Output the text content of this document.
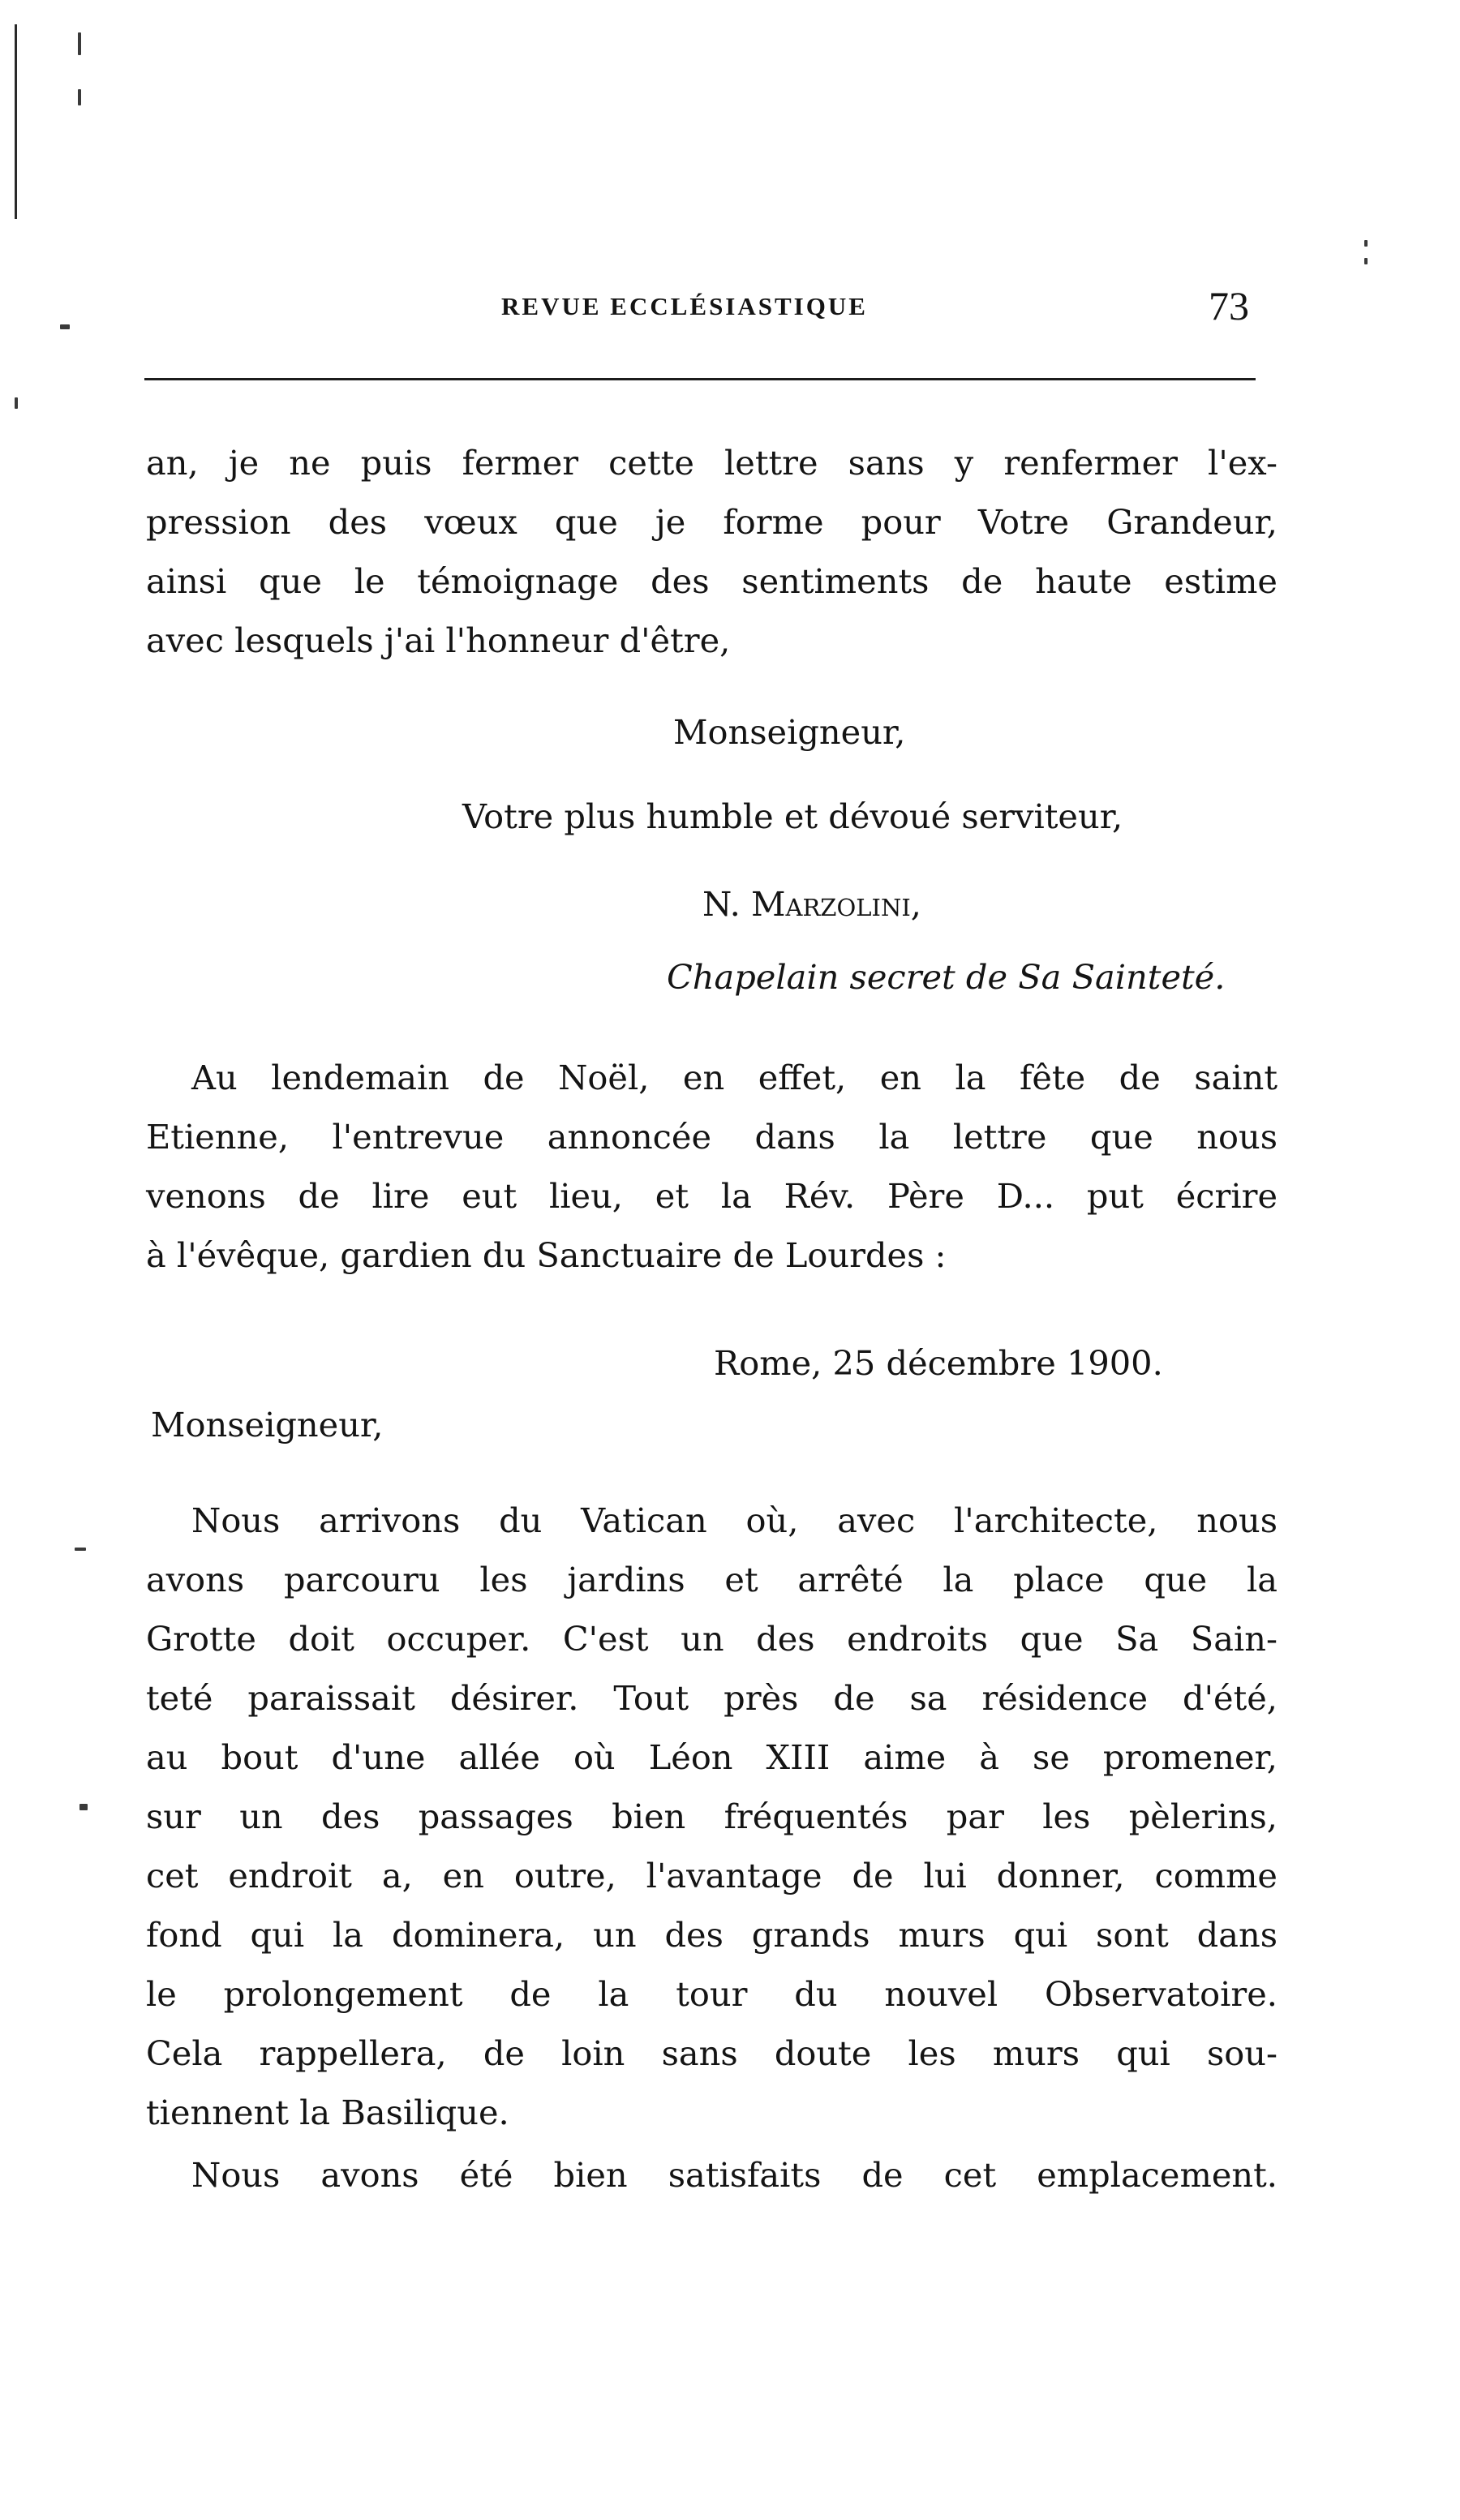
REVUE ECCLÉSIASTIQUE	73
an, je ne puis fermer cette lettre sans y renfermer l'ex-
pression des vœux que je forme pour Votre Grandeur,
ainsi que le témoignage des sentiments de haute estime
avec lesquels j'ai l'honneur d'être,
Monseigneur,
Votre plus humble et dévoué serviteur,
N. Marzolini,
Chapelain secret de Sa Sainteté.
Au lendemain de Noël, en effet, en la fête de saint
Etienne, l'entrevue annoncée dans la lettre que nous
venons de lire eut lieu, et la Rév. Père D... put écrire
à l'évêque, gardien du Sanctuaire de Lourdes :
Rome, 25 décembre 1900.
Monseigneur,
Nous arrivons du Vatican où, avec l'architecte, nous
avons parcouru les jardins et arrêté la place que la
Grotte doit occuper. C'est un des endroits que Sa Sain-
teté paraissait désirer. Tout près de sa résidence d'été,
au bout d'une allée où Léon XIII aime à se promener,
sur un des passages bien fréquentés par les pèlerins,
cet endroit a, en outre, l'avantage de lui donner, comme
fond qui la dominera, un des grands murs qui sont dans
le prolongement de la tour du nouvel Observatoire.
Cela rappellera, de loin sans doute les murs qui sou-
tiennent la Basilique.
Nous avons été bien satisfaits de cet emplacement.
